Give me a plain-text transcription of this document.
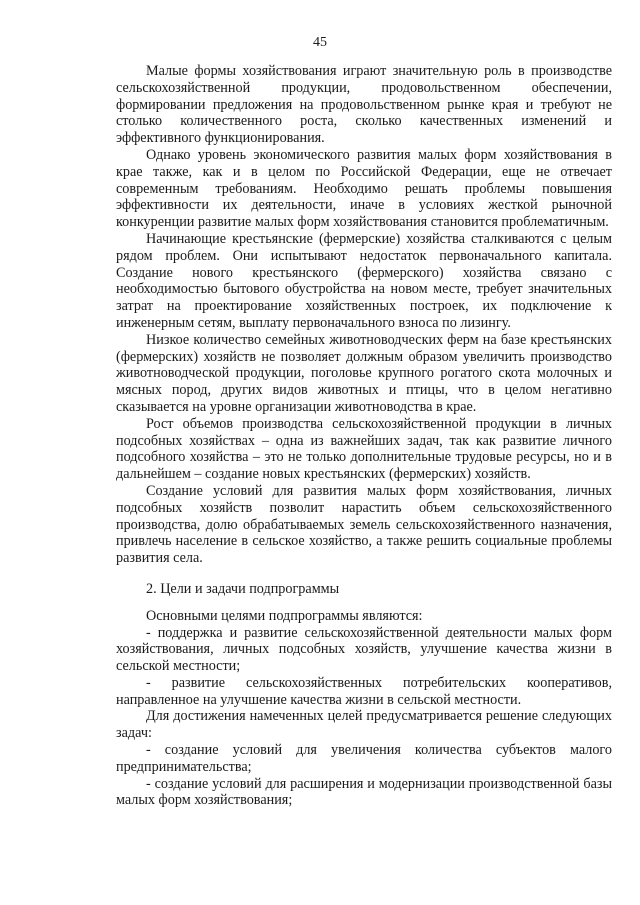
45

Малые формы хозяйствования играют значительную роль в производстве сельскохозяйственной продукции, продовольственном обеспечении, формировании предложения на продовольственном рынке края и требуют не столько количественного роста, сколько качественных изменений и эффективного функционирования.

Однако уровень экономического развития малых форм хозяйствования в крае также, как и в целом по Российской Федерации, еще не отвечает современным требованиям. Необходимо решать проблемы повышения эффективности их деятельности, иначе в условиях жесткой рыночной конкуренции развитие малых форм хозяйствования становится проблематичным.

Начинающие крестьянские (фермерские) хозяйства сталкиваются с целым рядом проблем. Они испытывают недостаток первоначального капитала. Создание нового крестьянского (фермерского) хозяйства связано с необходимостью бытового обустройства на новом месте, требует значительных затрат на проектирование хозяйственных построек, их подключение к инженерным сетям, выплату первоначального взноса по лизингу.

Низкое количество семейных животноводческих ферм на базе крестьянских (фермерских) хозяйств не позволяет должным образом увеличить производство животноводческой продукции, поголовье крупного рогатого скота молочных и мясных пород, других видов животных и птицы, что в целом негативно сказывается на уровне организации животноводства в крае.

Рост объемов производства сельскохозяйственной продукции в личных подсобных хозяйствах – одна из важнейших задач, так как развитие личного подсобного хозяйства – это не только дополнительные трудовые ресурсы, но и в дальнейшем – создание новых крестьянских (фермерских) хозяйств.

Создание условий для развития малых форм хозяйствования, личных подсобных хозяйств позволит нарастить объем сельскохозяйственного производства, долю обрабатываемых земель сельскохозяйственного назначения, привлечь население в сельское хозяйство, а также решить социальные проблемы развития села.

2. Цели и задачи подпрограммы

Основными целями подпрограммы являются:

- поддержка и развитие сельскохозяйственной деятельности малых форм хозяйствования, личных подсобных хозяйств, улучшение качества жизни в сельской местности;

- развитие сельскохозяйственных потребительских кооперативов, направленное на улучшение качества жизни в сельской местности.

Для достижения намеченных целей предусматривается решение следующих задач:

- создание условий для увеличения количества субъектов малого предпринимательства;

- создание условий для расширения и модернизации производственной базы малых форм хозяйствования;
